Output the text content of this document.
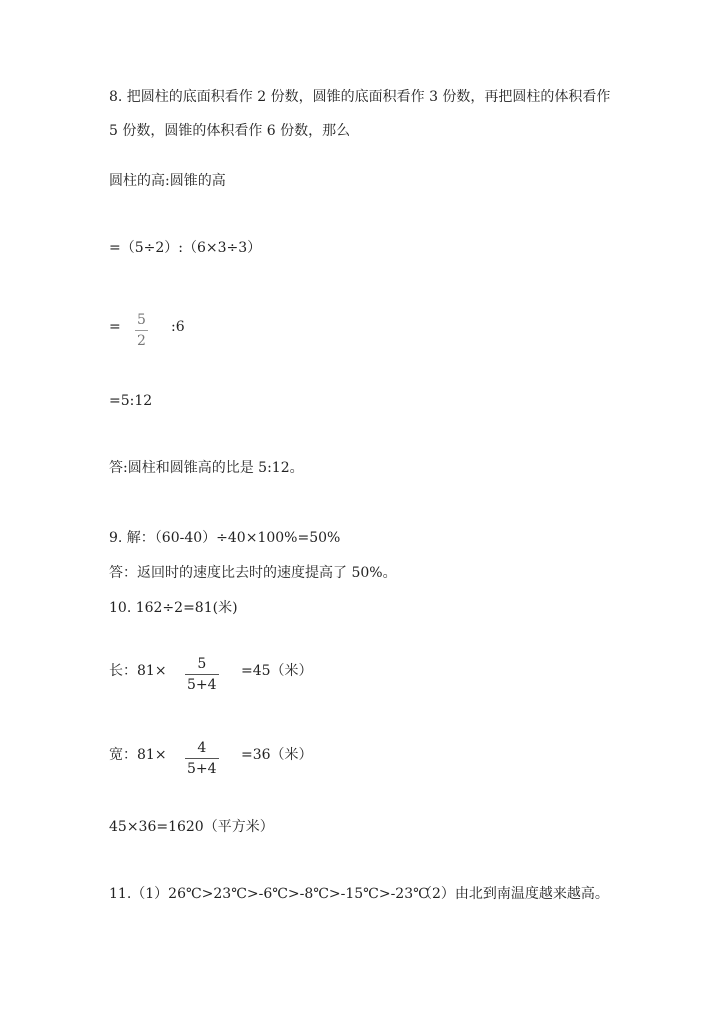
8. 把圆柱的底面积看作 2 份数，圆锥的底面积看作 3 份数，再把圆柱的体积看作
5 份数，圆锥的体积看作 6 份数，那么
圆柱的高:圆锥的高
=（5÷2）:（6×3÷3）
= 5
2
:6
=5:12
答:圆柱和圆锥高的比是 5:12。
9. 解：（60-40）÷40×100%=50%
答：返回时的速度比去时的速度提高了 50%。
10. 162÷2=81(米)
长：81× 5
5+4
=45（米）
宽：81× 4
5+4
=36（米）
45×36=1620（平方米）
11.（1）26℃>23℃>-6℃>-8℃>-15℃>-23℃
（2）由北到南温度越来越高。
